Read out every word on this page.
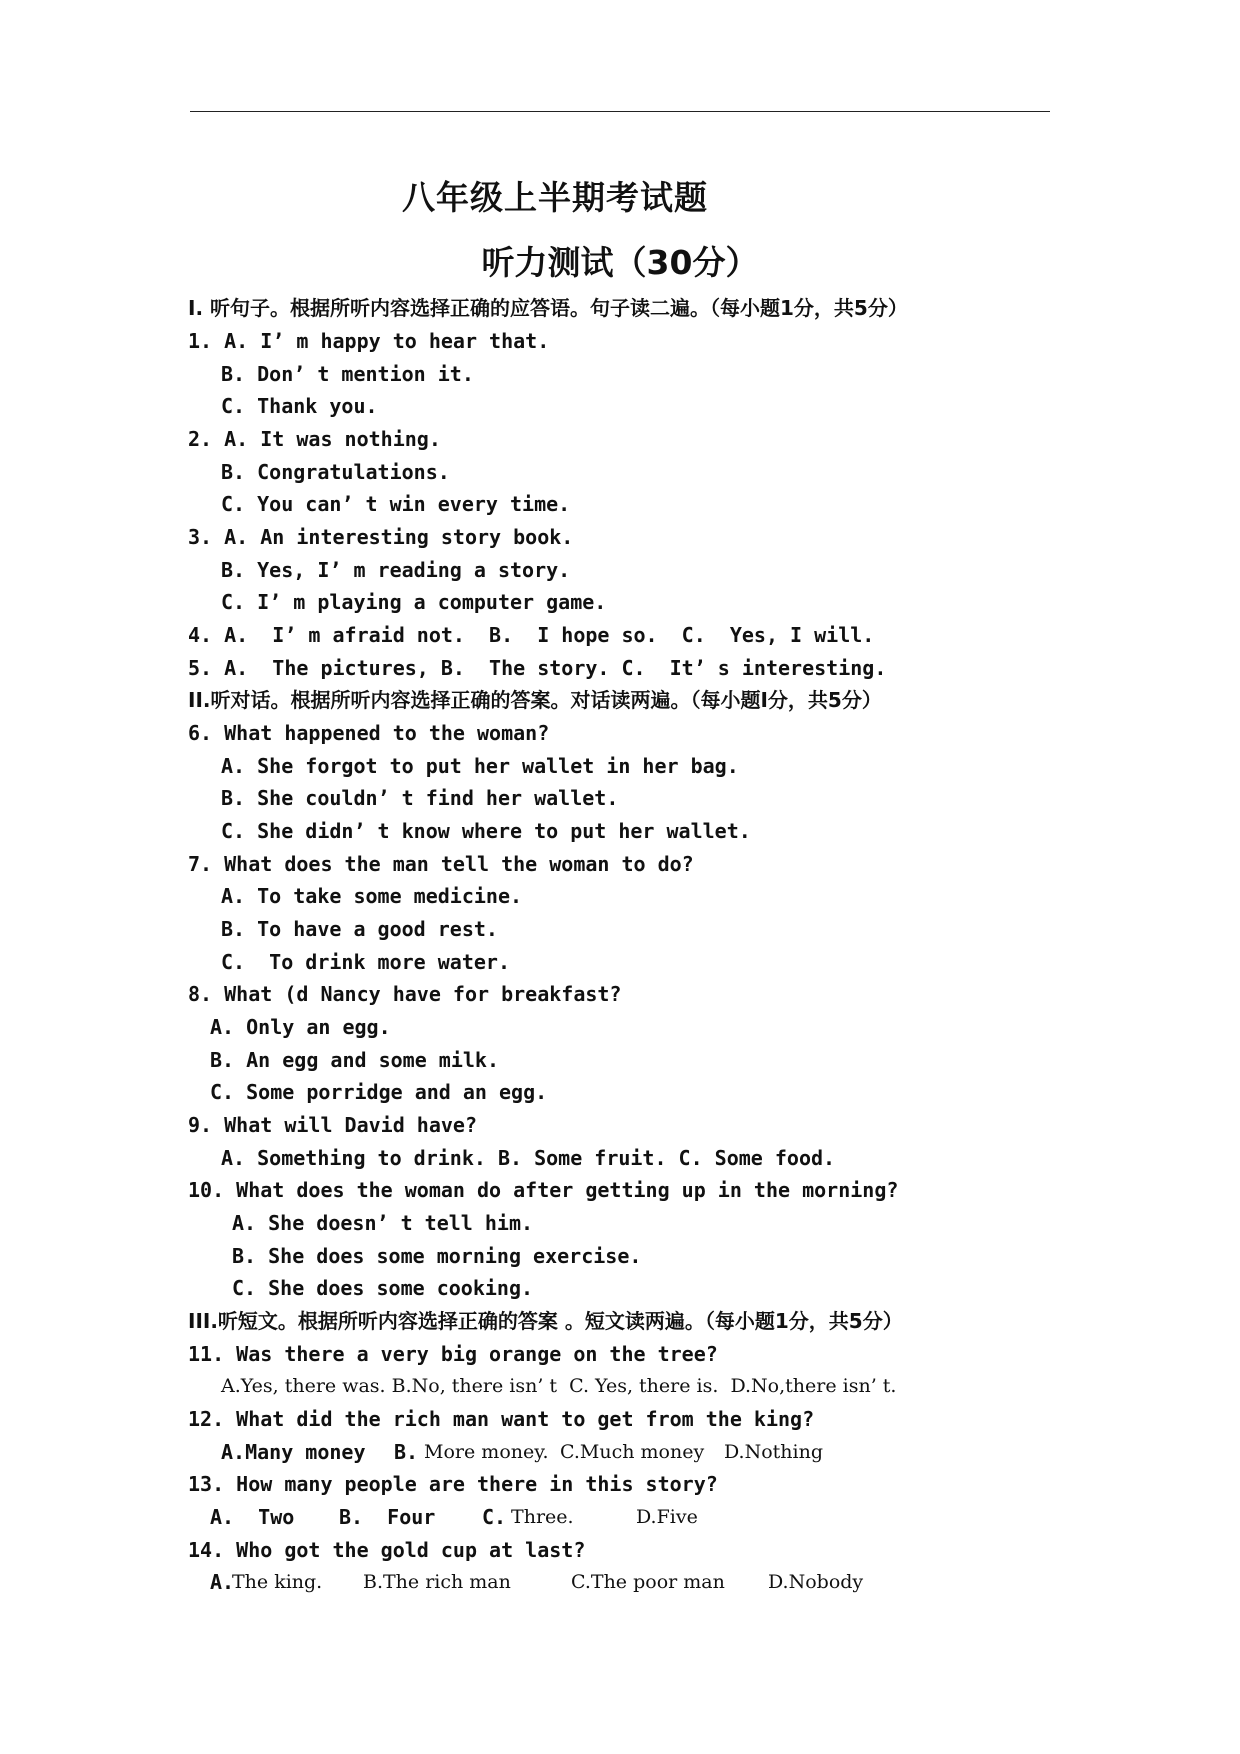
八年级上半期考试题
听力测试（30分）
I. 听句子。根据所听内容选择正确的应答语。句子读二遍。（每小题1分，共5分）
1. A. I’ m happy to hear that.
B. Don’ t mention it.
C. Thank you.
2. A. It was nothing.
B. Congratulations.
C. You can’ t win every time.
3. A. An interesting story book.
B. Yes, I’ m reading a story.
C. I’ m playing a computer game.
4. A.  I’ m afraid not.  B.  I hope so.  C.  Yes, I will.
5. A.  The pictures, B.  The story. C.  It’ s interesting.
II.听对话。根据所听内容选择正确的答案。对话读两遍。（每小题I分，共5分）
6. What happened to the woman?
A. She forgot to put her wallet in her bag.
B. She couldn’ t find her wallet.
C. She didn’ t know where to put her wallet.
7. What does the man tell the woman to do?
A. To take some medicine.
B. To have a good rest.
C.  To drink more water.
8. What (d Nancy have for breakfast?
A. Only an egg.
B. An egg and some milk.
C. Some porridge and an egg.
9. What will David have?
A. Something to drink. B. Some fruit. C. Some food.
10. What does the woman do after getting up in the morning?
A. She doesn’ t tell him.
B. She does some morning exercise.
C. She does some cooking.
III.听短文。根据所听内容选择正确的答案 。短文读两遍。（每小题1分，共5分）
11. Was there a very big orange on the tree?
A.Yes, there was. B.No, there isn’ t  C. Yes, there is.  D.No,there isn’ t.
12. What did the rich man want to get from the king?
A.Many money B. More money. C.Much money D.Nothing
13. How many people are there in this story?
A.  Two B.  Four C.
Three.	D.Five
14. Who got the gold cup at last?
A.
The king. B.The rich man	C.The poor man D.Nobody
